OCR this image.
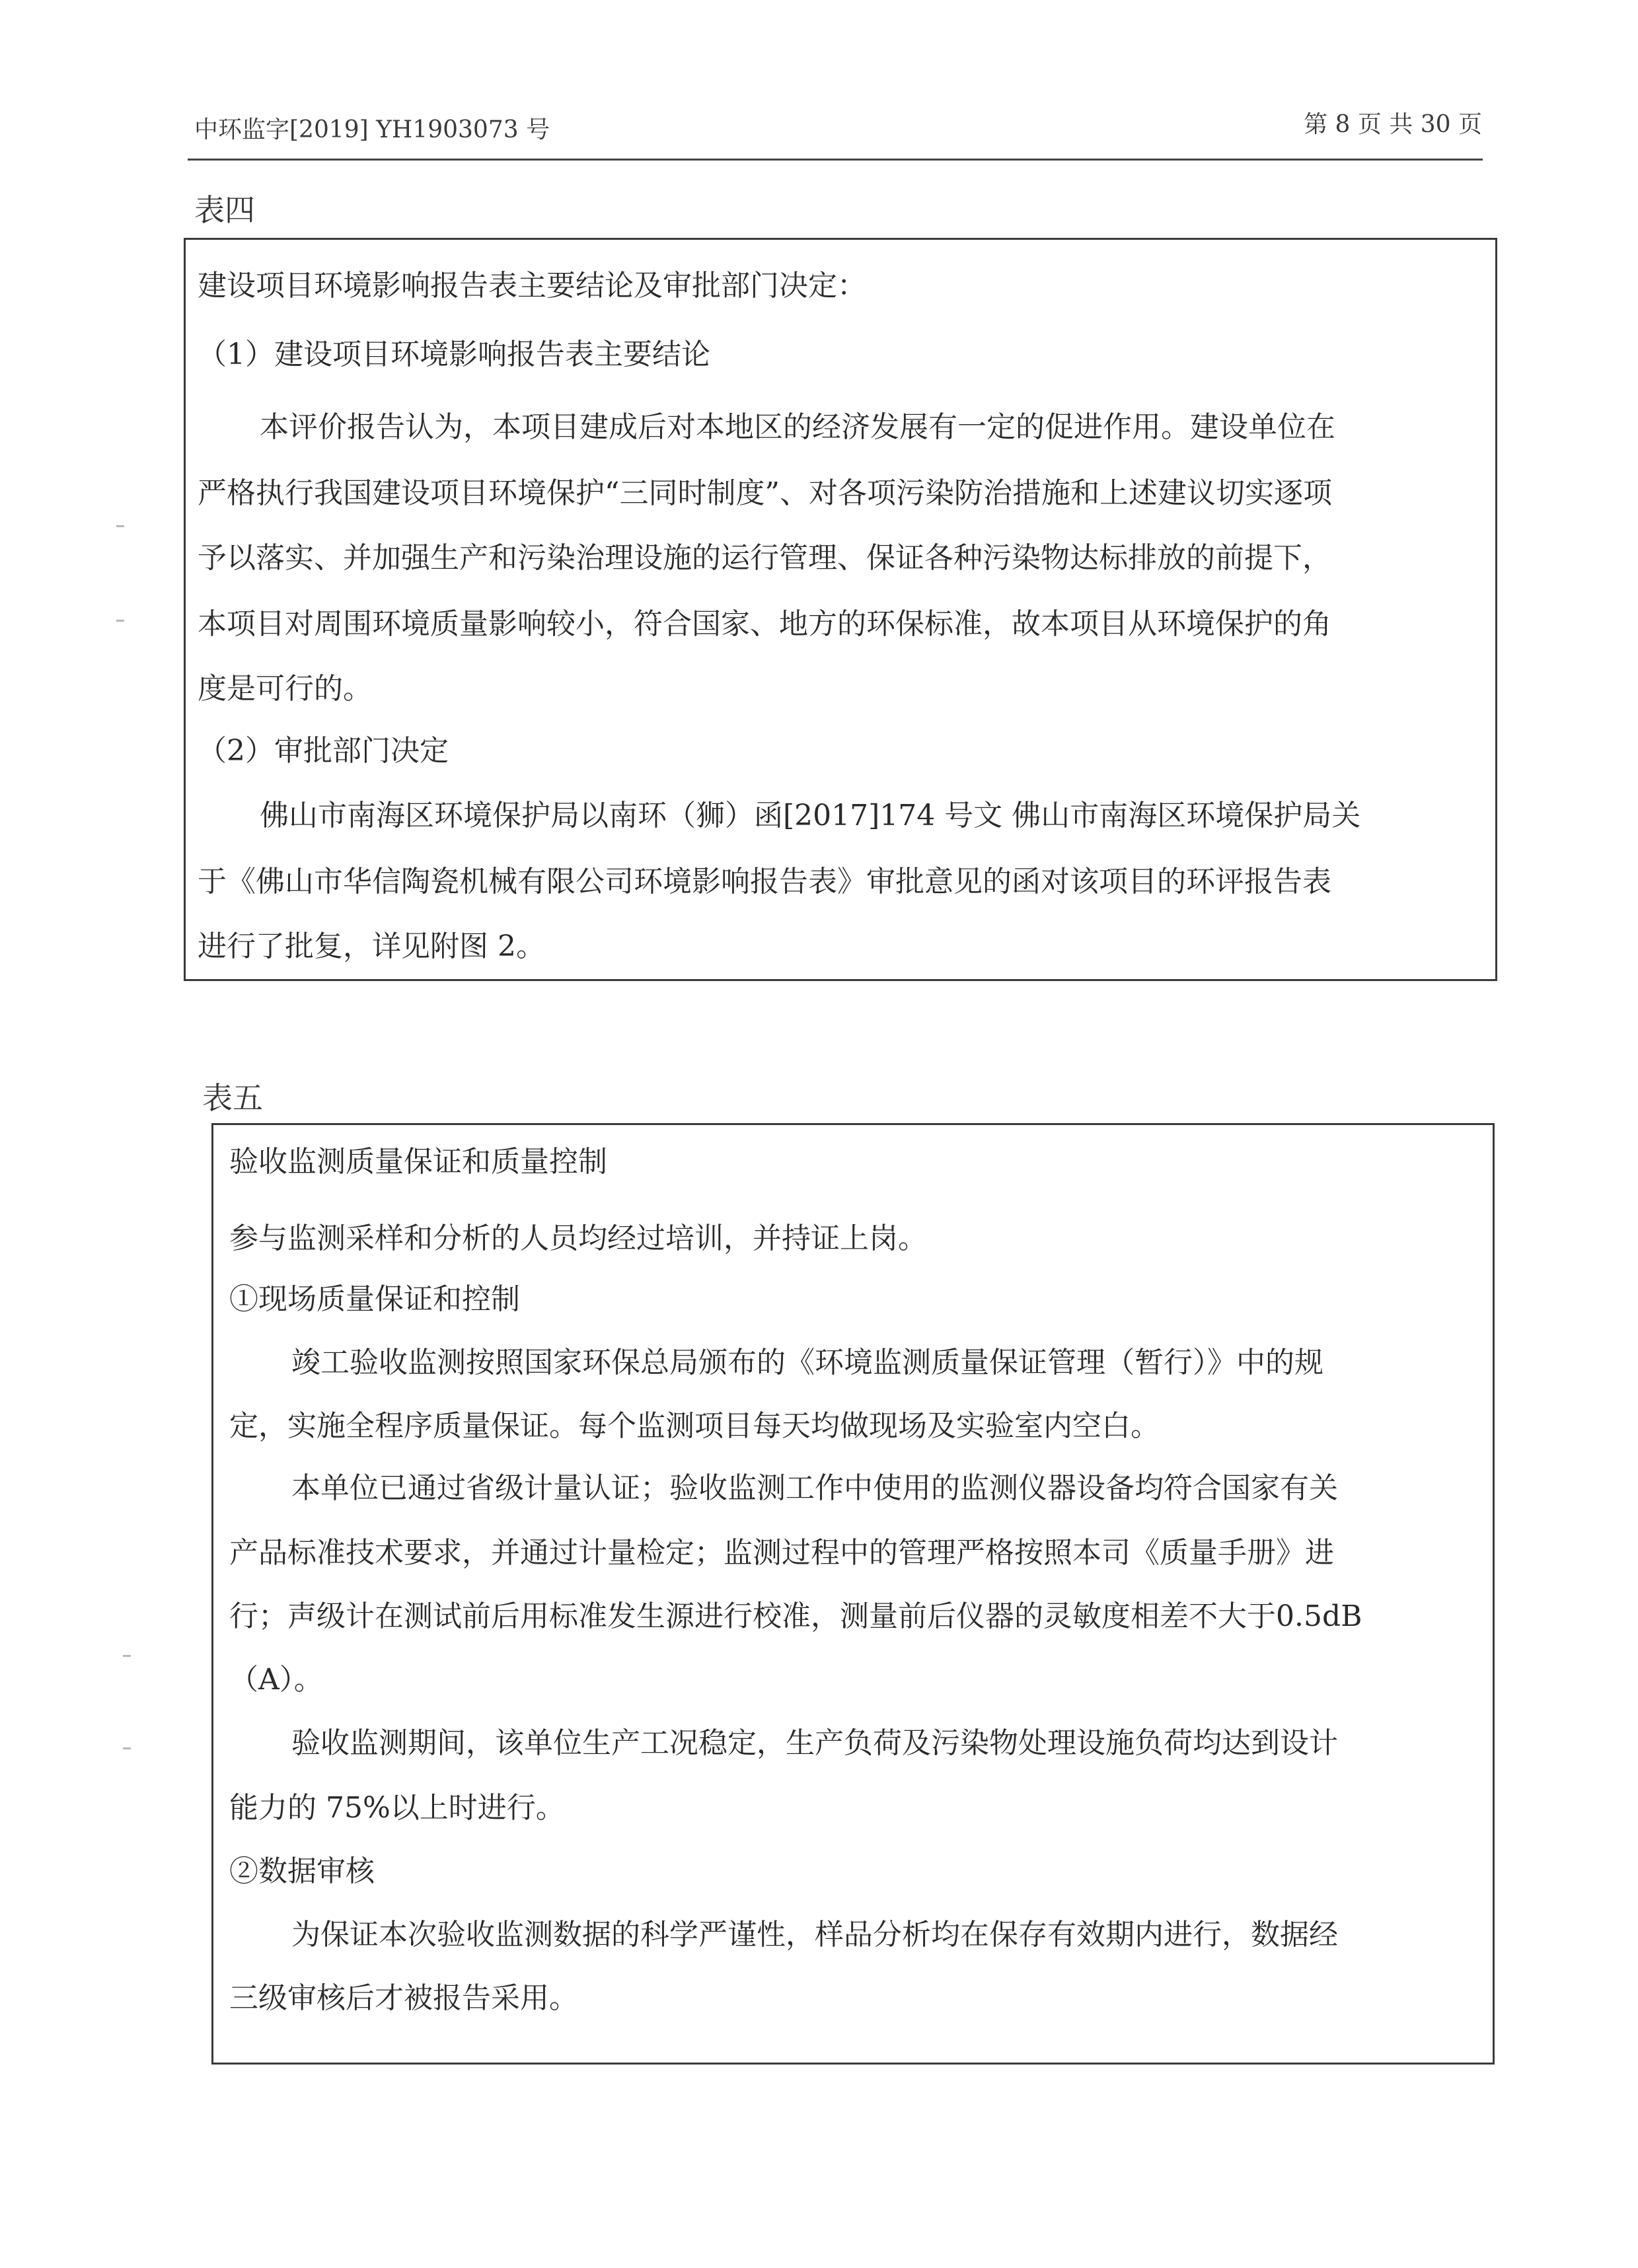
中环监字[2019] YH1903073 号	第 8 页 共 30 页
表四
建设项目环境影响报告表主要结论及审批部门决定：
（1）建设项目环境影响报告表主要结论
本评价报告认为，本项目建成后对本地区的经济发展有一定的促进作用。建设单位在
严格执行我国建设项目环境保护“三同时制度”、对各项污染防治措施和上述建议切实逐项
予以落实、并加强生产和污染治理设施的运行管理、保证各种污染物达标排放的前提下，
本项目对周围环境质量影响较小，符合国家、地方的环保标准，故本项目从环境保护的角
度是可行的。
（2）审批部门决定
佛山市南海区环境保护局以南环（狮）函[2017]174 号文 佛山市南海区环境保护局关
于《佛山市华信陶瓷机械有限公司环境影响报告表》审批意见的函对该项目的环评报告表
进行了批复，详见附图 2。
表五
验收监测质量保证和质量控制
参与监测采样和分析的人员均经过培训，并持证上岗。
①现场质量保证和控制
竣工验收监测按照国家环保总局颁布的《环境监测质量保证管理（暂行）》中的规
定，实施全程序质量保证。每个监测项目每天均做现场及实验室内空白。
本单位已通过省级计量认证；验收监测工作中使用的监测仪器设备均符合国家有关
产品标准技术要求，并通过计量检定；监测过程中的管理严格按照本司《质量手册》进
行；声级计在测试前后用标准发生源进行校准，测量前后仪器的灵敏度相差不大于0.5dB
（A）。
验收监测期间，该单位生产工况稳定，生产负荷及污染物处理设施负荷均达到设计
能力的 75%以上时进行。
②数据审核
为保证本次验收监测数据的科学严谨性，样品分析均在保存有效期内进行，数据经
三级审核后才被报告采用。
